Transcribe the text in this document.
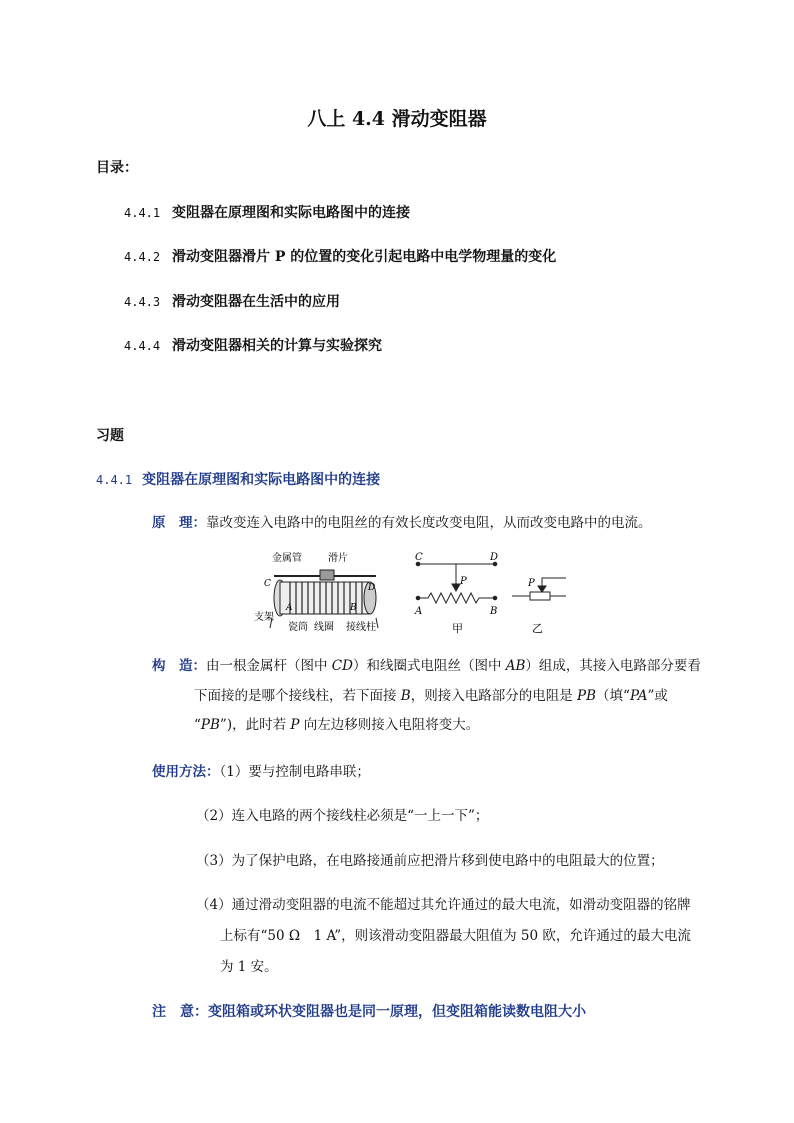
八上 4.4 滑动变阻器
目录：
4.4.1 变阻器在原理图和实际电路图中的连接
4.4.2 滑动变阻器滑片 P 的位置的变化引起电路中电学物理量的变化
4.4.3 滑动变阻器在生活中的应用
4.4.4 滑动变阻器相关的计算与实验探究
习题
4.4.1 变阻器在原理图和实际电路图中的连接
原　理：靠改变连入电路中的电阻丝的有效长度改变电阻，从而改变电路中的电流。
金属管	滑片
C	D
A	B
支架
瓷筒 线圈 接线柱
C	D
P
A	B
甲
P
乙
构　造：由一根金属杆（图中 CD）和线圈式电阻丝（图中 AB）组成，其接入电路部分要看
下面接的是哪个接线柱，若下面接 B，则接入电路部分的电阻是 PB（填“PA”或
“PB”)，此时若 P 向左边移则接入电阻将变大。
使用方法：（1）要与控制电路串联；
（2）连入电路的两个接线柱必须是“一上一下”；
（3）为了保护电路，在电路接通前应把滑片移到使电路中的电阻最大的位置；
（4）通过滑动变阻器的电流不能超过其允许通过的最大电流，如滑动变阻器的铭牌
上标有“50 Ω　1 A”，则该滑动变阻器最大阻值为 50 欧，允许通过的最大电流
为 1 安。
注　意：变阻箱或环状变阻器也是同一原理，但变阻箱能读数电阻大小
